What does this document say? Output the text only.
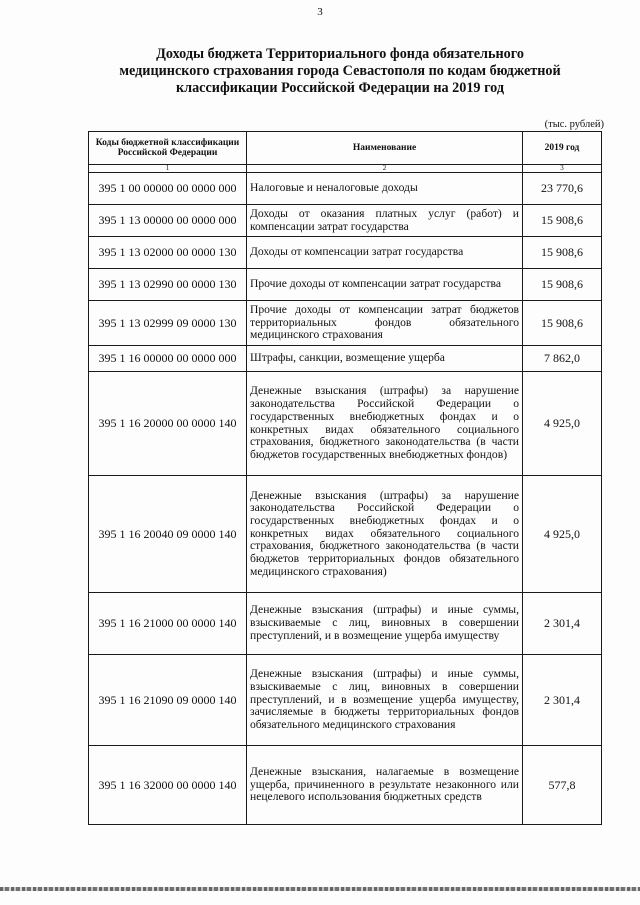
3
Доходы бюджета Территориального фонда обязательного
медицинского страхования города Севастополя по кодам бюджетной
классификации Российской Федерации на 2019 год
(тыс. рублей)
Коды бюджетной классификации Российской Федерации	Наименование	2019 год
1	2	3
395 1 00 00000 00 0000 000	Налоговые и неналоговые доходы	23 770,6
395 1 13 00000 00 0000 000	Доходы от оказания платных услуг (работ) и компенсации затрат государства	15 908,6
395 1 13 02000 00 0000 130	Доходы от компенсации затрат государства	15 908,6
395 1 13 02990 00 0000 130	Прочие доходы от компенсации затрат государства	15 908,6
395 1 13 02999 09 0000 130	Прочие доходы от компенсации затрат бюджетов территориальных фондов обязательного медицинского страхования	15 908,6
395 1 16 00000 00 0000 000	Штрафы, санкции, возмещение ущерба	7 862,0
395 1 16 20000 00 0000 140	Денежные взыскания (штрафы) за нарушение законодательства Российской Федерации о государственных внебюджетных фондах и о конкретных видах обязательного социального страхования, бюджетного законодательства (в части бюджетов государственных внебюджетных фондов)	4 925,0
395 1 16 20040 09 0000 140	Денежные взыскания (штрафы) за нарушение законодательства Российской Федерации о государственных внебюджетных фондах и о конкретных видах обязательного социального страхования, бюджетного законодательства (в части бюджетов территориальных фондов обязательного медицинского страхования)	4 925,0
395 1 16 21000 00 0000 140	Денежные взыскания (штрафы) и иные суммы, взыскиваемые с лиц, виновных в совершении преступлений, и в возмещение ущерба имуществу	2 301,4
395 1 16 21090 09 0000 140	Денежные взыскания (штрафы) и иные суммы, взыскиваемые с лиц, виновных в совершении преступлений, и в возмещение ущерба имуществу, зачисляемые в бюджеты территориальных фондов обязательного медицинского страхования	2 301,4
395 1 16 32000 00 0000 140	Денежные взыскания, налагаемые в возмещение ущерба, причиненного в результате незаконного или нецелевого использования бюджетных средств	577,8
